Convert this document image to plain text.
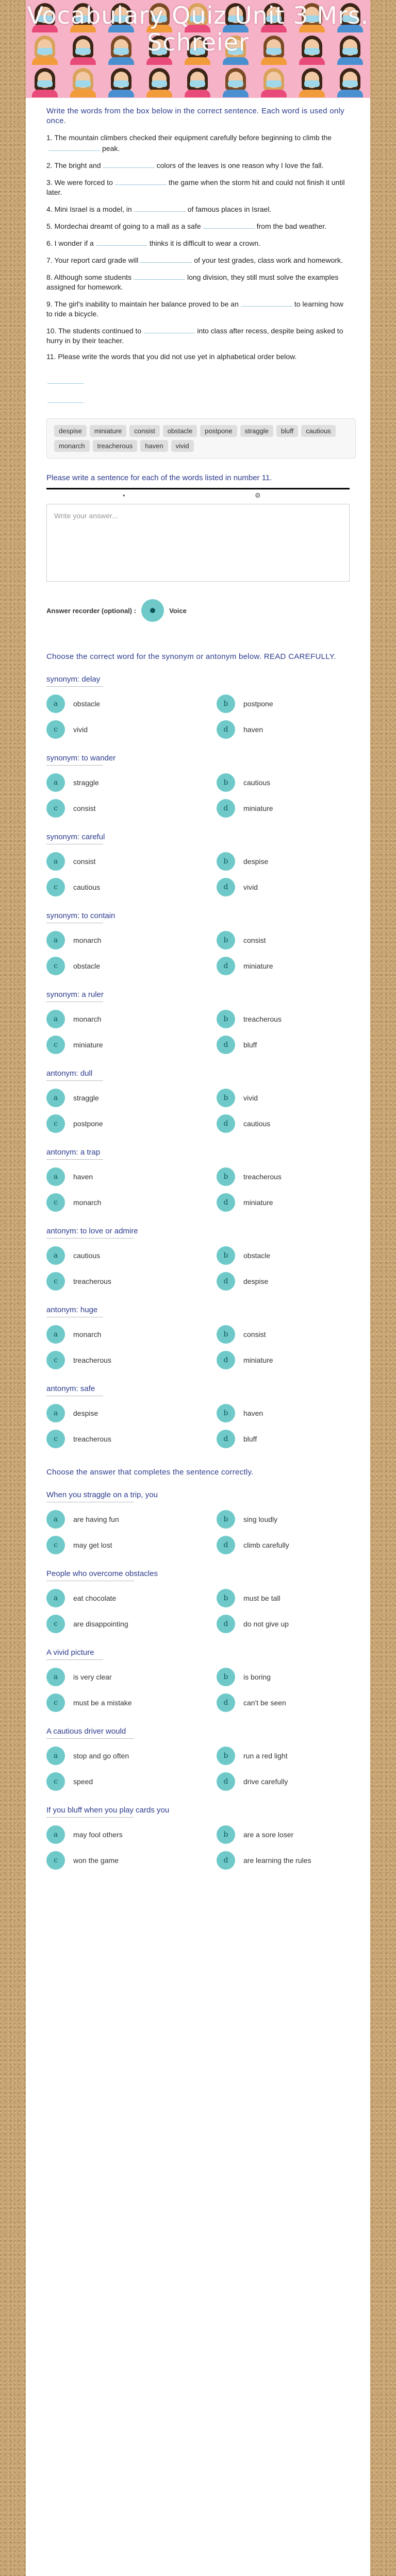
Vocabulary Quiz Unit 3 Mrs. Schreier
Write the words from the box below in the correct sentence. Each word is used only once.
1. The mountain climbers checked their equipment carefully before beginning to climb thepeak.
2. The bright and	colors of the leaves is one reason why I love the fall.
3. We were forced to	the game when the storm hit and could not finish it until later.
4. Mini Israel is a model, in	of famous places in Israel.
5. Mordechai dreamt of going to a mall as a safe	from the bad weather.
6. I wonder if a	thinks it is difficult to wear a crown.
7. Your report card grade will	of your test grades, class work and homework.
8. Although some students	long division, they still must solve the examples assigned for homework.
9. The girl's inability to maintain her balance proved to be an	to learning how to ride a bicycle.
10. The students continued to	into class after recess, despite being asked to hurry in by their teacher.
11. Please write the words that you did not use yet in alphabetical order below.
despise	miniature	consist	obstacle	postpone	straggle	bluff	cautious
monarch	treacherous	haven	vivid
Please write a sentence for each of the words listed in number 11.
•	⚙
Write your answer...
Answer recorder (optional) :	Voice
Choose the correct word for the synonym or antonym below. READ CAREFULLY.
synonym: delay
a	obstacle	b	postpone
c	vivid	d	haven
synonym: to wander
a	straggle	b	cautious
c	consist	d	miniature
synonym: careful
a	consist	b	despise
c	cautious	d	vivid
synonym: to contain
a	monarch	b	consist
c	obstacle	d	miniature
synonym: a ruler
a	monarch	b	treacherous
c	miniature	d	bluff
antonym: dull
a	straggle	b	vivid
c	postpone	d	cautious
antonym: a trap
a	haven	b	treacherous
c	monarch	d	miniature
antonym: to love or admire
a	cautious	b	obstacle
c	treacherous	d	despise
antonym: huge
a	monarch	b	consist
c	treacherous	d	miniature
antonym: safe
a	despise	b	haven
c	treacherous	d	bluff
Choose the answer that completes the sentence correctly.
When you straggle on a trip, you
a	are having fun	b	sing loudly
c	may get lost	d	climb carefully
People who overcome obstacles
a	eat chocolate	b	must be tall
c	are disappointing	d	do not give up
A vivid picture
a	is very clear	b	is boring
c	must be a mistake	d	can't be seen
A cautious driver would
a	stop and go often	b	run a red light
c	speed	d	drive carefully
If you bluff when you play cards you
a	may fool others	b	are a sore loser
c	won the game	d	are learning the rules
